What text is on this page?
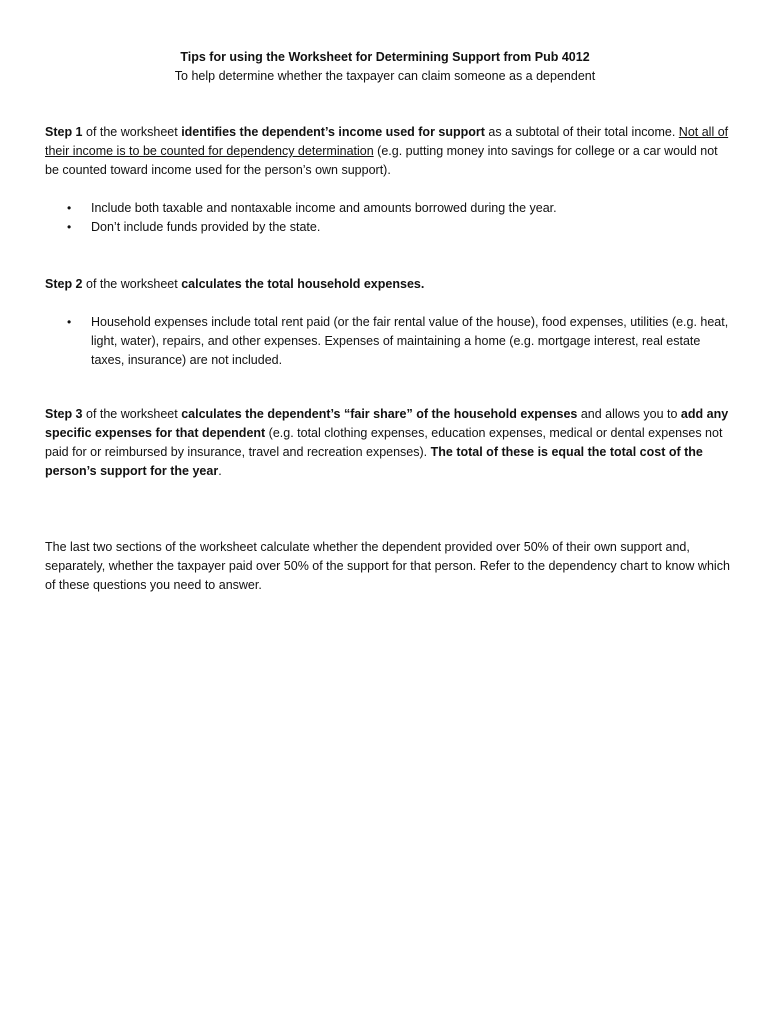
Tips for using the Worksheet for Determining Support from Pub 4012
To help determine whether the taxpayer can claim someone as a dependent

Step 1 of the worksheet identifies the dependent’s income used for support as a subtotal of their total income. Not all of their income is to be counted for dependency determination (e.g. putting money into savings for college or a car would not be counted toward income used for the person’s own support).

• Include both taxable and nontaxable income and amounts borrowed during the year.
• Don’t include funds provided by the state.

Step 2 of the worksheet calculates the total household expenses.

• Household expenses include total rent paid (or the fair rental value of the house), food expenses, utilities (e.g. heat, light, water), repairs, and other expenses. Expenses of maintaining a home (e.g. mortgage interest, real estate taxes, insurance) are not included.

Step 3 of the worksheet calculates the dependent’s “fair share” of the household expenses and allows you to add any specific expenses for that dependent (e.g. total clothing expenses, education expenses, medical or dental expenses not paid for or reimbursed by insurance, travel and recreation expenses). The total of these is equal the total cost of the person’s support for the year.

The last two sections of the worksheet calculate whether the dependent provided over 50% of their own support and, separately, whether the taxpayer paid over 50% of the support for that person. Refer to the dependency chart to know which of these questions you need to answer.
